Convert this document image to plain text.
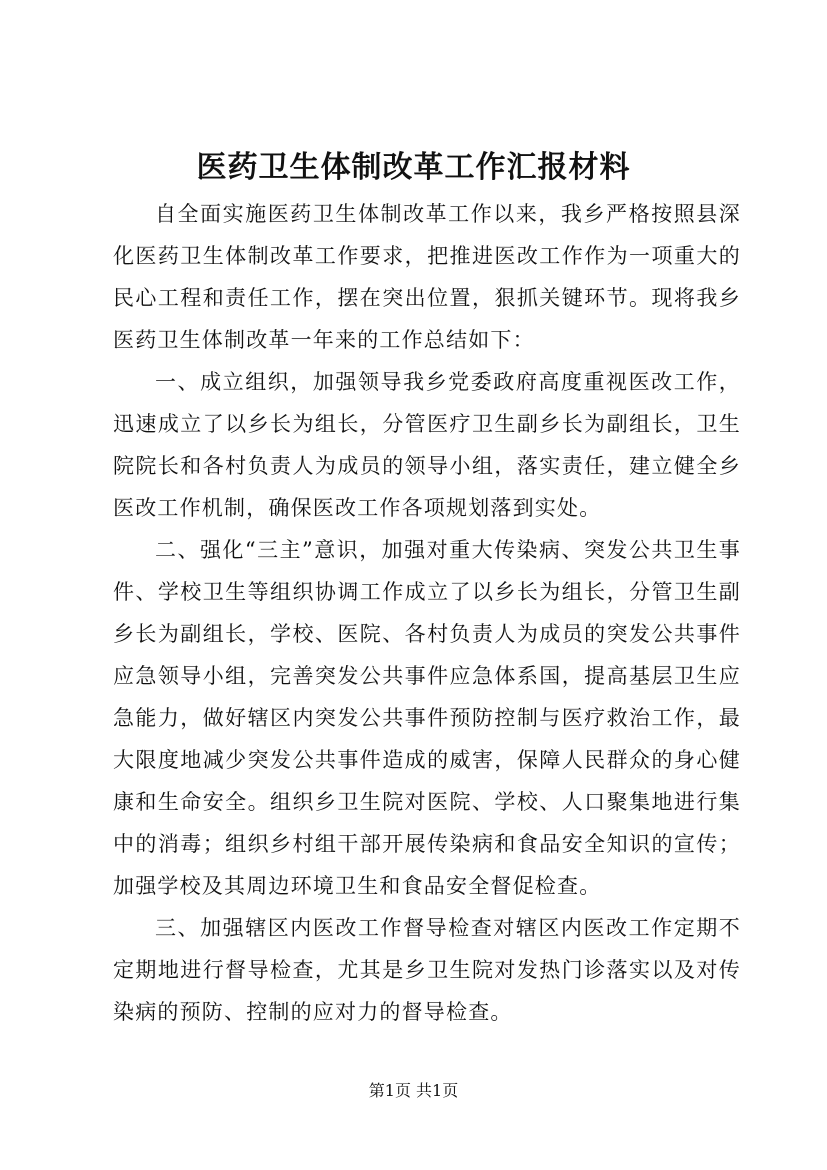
医药卫生体制改革工作汇报材料

自全面实施医药卫生体制改革工作以来，我乡严格按照县深化医药卫生体制改革工作要求，把推进医改工作作为一项重大的民心工程和责任工作，摆在突出位置，狠抓关键环节。现将我乡医药卫生体制改革一年来的工作总结如下：

一、成立组织，加强领导我乡党委政府高度重视医改工作，迅速成立了以乡长为组长，分管医疗卫生副乡长为副组长，卫生院院长和各村负责人为成员的领导小组，落实责任，建立健全乡医改工作机制，确保医改工作各项规划落到实处。

二、强化“三主”意识，加强对重大传染病、突发公共卫生事件、学校卫生等组织协调工作成立了以乡长为组长，分管卫生副乡长为副组长，学校、医院、各村负责人为成员的突发公共事件应急领导小组，完善突发公共事件应急体系国，提高基层卫生应急能力，做好辖区内突发公共事件预防控制与医疗救治工作，最大限度地减少突发公共事件造成的威害，保障人民群众的身心健康和生命安全。组织乡卫生院对医院、学校、人口聚集地进行集中的消毒；组织乡村组干部开展传染病和食品安全知识的宣传；加强学校及其周边环境卫生和食品安全督促检查。

三、加强辖区内医改工作督导检查对辖区内医改工作定期不定期地进行督导检查，尤其是乡卫生院对发热门诊落实以及对传染病的预防、控制的应对力的督导检查。

第1页 共1页
